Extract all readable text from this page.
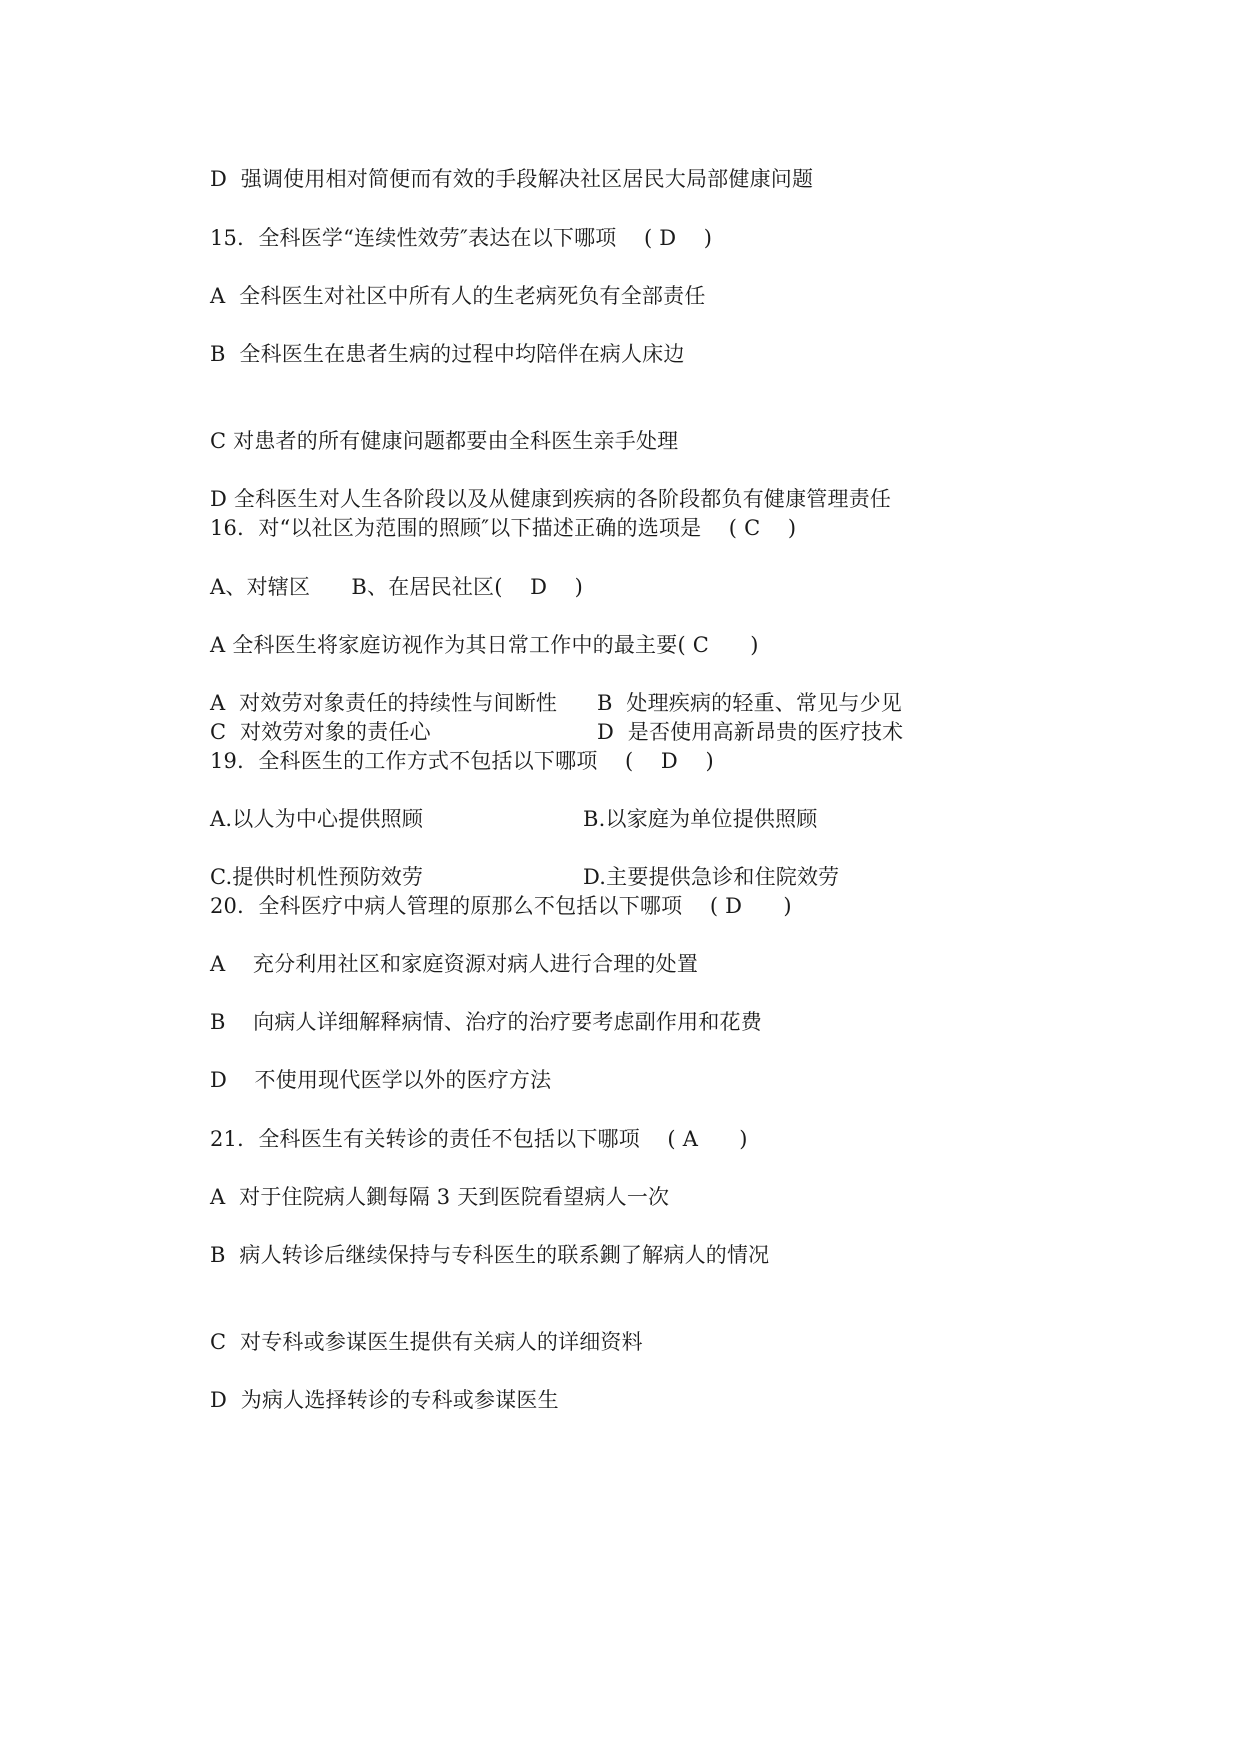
D  强调使用相对简便而有效的手段解决社区居民大局部健康问题
15．全科医学“连续性效劳″表达在以下哪项    ( D    )
A  全科医生对社区中所有人的生老病死负有全部责任
B  全科医生在患者生病的过程中均陪伴在病人床边
C 对患者的所有健康问题都要由全科医生亲手处理
D 全科医生对人生各阶段以及从健康到疾病的各阶段都负有健康管理责任
16．对“以社区为范围的照顾″以下描述正确的选项是    ( C    )
A、对辖区      B、在居民社区(    D    )
A 全科医生将家庭访视作为其日常工作中的最主要( C      )
A  对效劳对象责任的持续性与间断性 B  处理疾病的轻重、常见与少见
C  对效劳对象的责任心	D  是否使用高新昂贵的医疗技术
19．全科医生的工作方式不包括以下哪项    (    D    )
A.以人为中心提供照顾	B.以家庭为单位提供照顾
C.提供时机性预防效劳	D.主要提供急诊和住院效劳
20．全科医疗中病人管理的原那么不包括以下哪项    ( D      )
A    充分利用社区和家庭资源对病人进行合理的处置
B    向病人详细解释病情、治疗的治疗要考虑副作用和花费
D    不使用现代医学以外的医疗方法
21．全科医生有关转诊的责任不包括以下哪项    ( A      )
A  对于住院病人鍘每隔 3 天到医院看望病人一次
B  病人转诊后继续保持与专科医生的联系鍘了解病人的情况
C  对专科或参谋医生提供有关病人的详细资料
D  为病人选择转诊的专科或参谋医生
